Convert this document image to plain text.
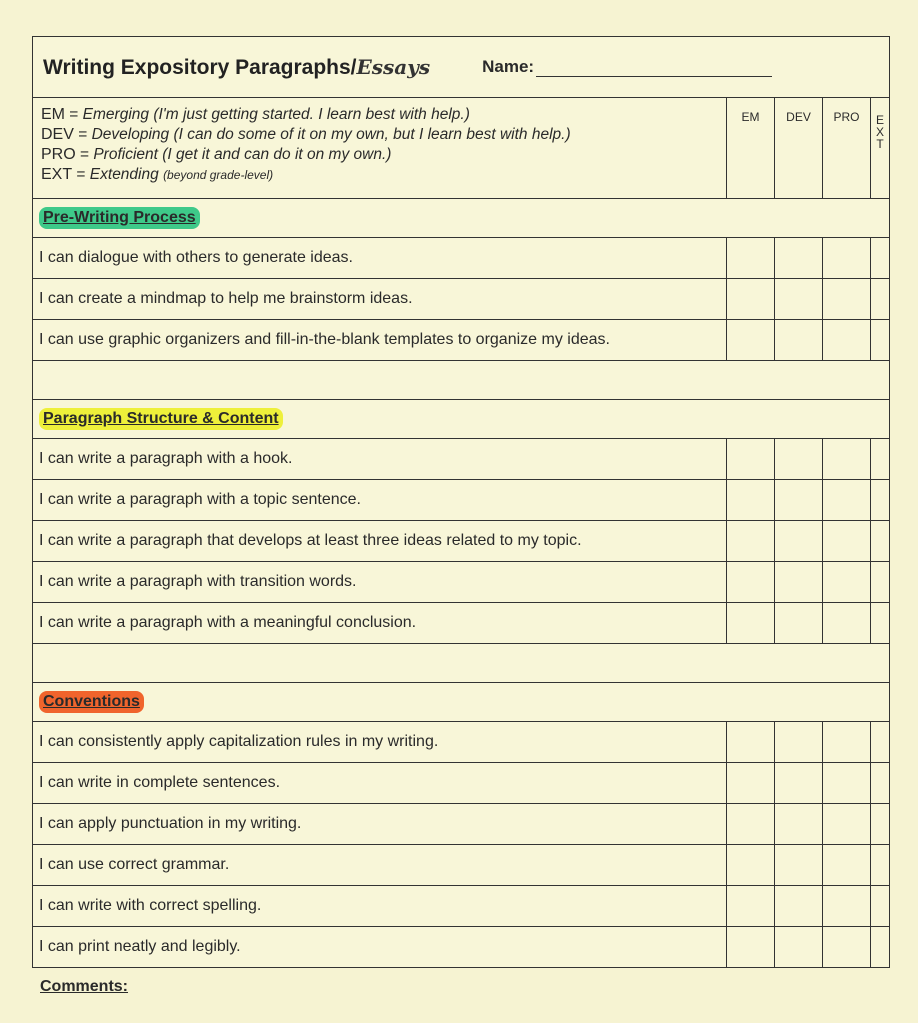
Writing Expository Paragraphs/Essays	Name:
EM = Emerging (I'm just getting started. I learn best with help.)
DEV = Developing (I can do some of it on my own, but I learn best with help.)
PRO = Proficient (I get it and can do it on my own.)
EXT = Extending (beyond grade-level)
EM	DEV	PRO	E X T
Pre-Writing Process
I can dialogue with others to generate ideas.
I can create a mindmap to help me brainstorm ideas.
I can use graphic organizers and fill-in-the-blank templates to organize my ideas.
Paragraph Structure & Content
I can write a paragraph with a hook.
I can write a paragraph with a topic sentence.
I can write a paragraph that develops at least three ideas related to my topic.
I can write a paragraph with transition words.
I can write a paragraph with a meaningful conclusion.
Conventions
I can consistently apply capitalization rules in my writing.
I can write in complete sentences.
I can apply punctuation in my writing.
I can use correct grammar.
I can write with correct spelling.
I can print neatly and legibly.
Comments:
